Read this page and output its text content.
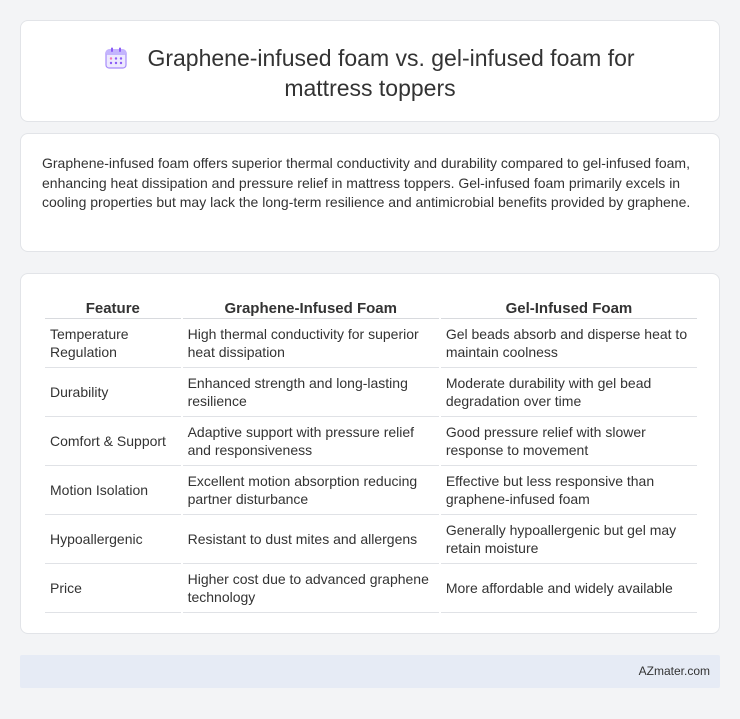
Graphene-infused foam vs. gel-infused foam for
mattress toppers

Graphene-infused foam offers superior thermal conductivity and durability compared to gel-infused foam, enhancing heat dissipation and pressure relief in mattress toppers. Gel-infused foam primarily excels in cooling properties but may lack the long-term resilience and antimicrobial benefits provided by graphene.

Feature	Graphene-Infused Foam	Gel-Infused Foam
Temperature Regulation	High thermal conductivity for superior heat dissipation	Gel beads absorb and disperse heat to maintain coolness
Durability	Enhanced strength and long-lasting resilience	Moderate durability with gel bead degradation over time
Comfort & Support	Adaptive support with pressure relief and responsiveness	Good pressure relief with slower response to movement
Motion Isolation	Excellent motion absorption reducing partner disturbance	Effective but less responsive than graphene-infused foam
Hypoallergenic	Resistant to dust mites and allergens	Generally hypoallergenic but gel may retain moisture
Price	Higher cost due to advanced graphene technology	More affordable and widely available
AZmater.com
